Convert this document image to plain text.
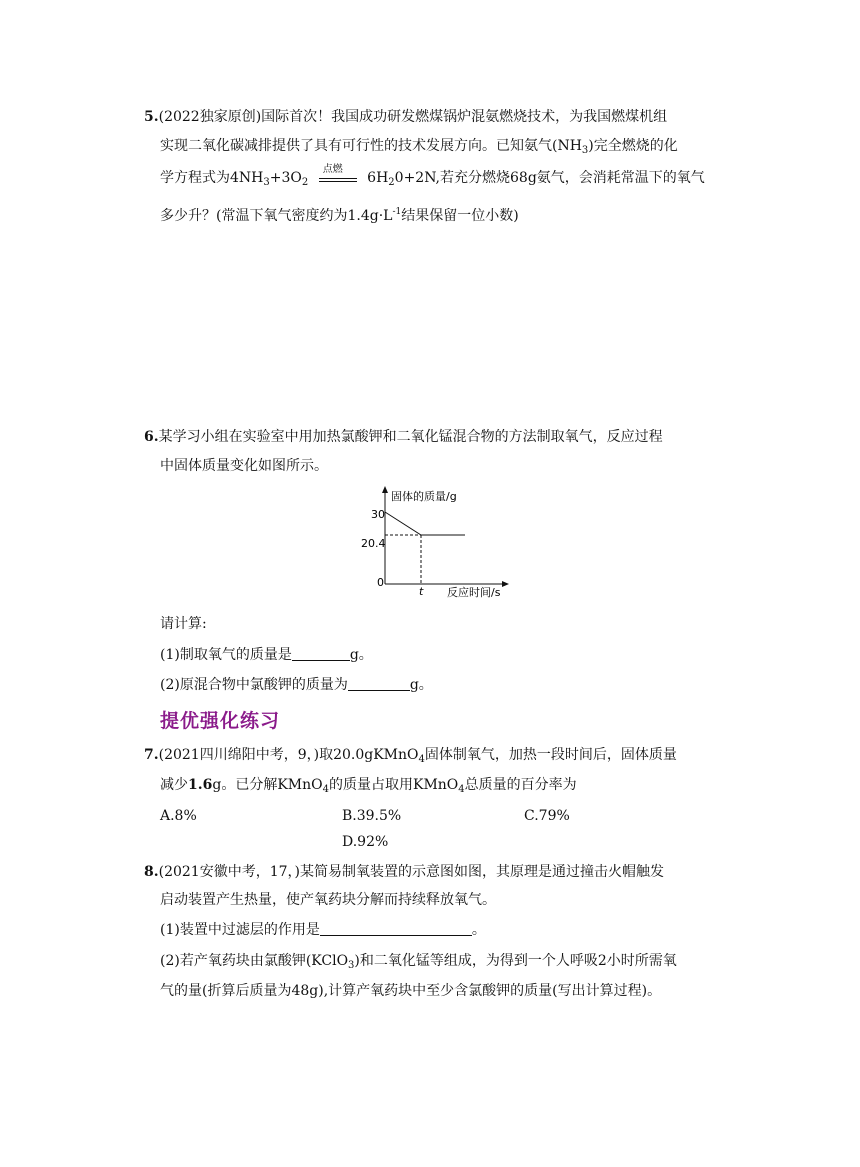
5.(2022独家原创)国际首次！我国成功研发燃煤锅炉混氨燃烧技术，为我国燃煤机组
实现二氧化碳减排提供了具有可行性的技术发展方向。已知氨气$(NH_3)$完全燃烧的化
学方程式为$4NH_3+3O_2$
点燃
$6H_20+2N$,若充分燃烧68g氨气，会消耗常温下的氧气
多少升？(常温下氧气密度约为$1.4g\cdot L^{-1}$结果保留一位小数)
6.某学习小组在实验室中用加热氯酸钾和二氧化锰混合物的方法制取氧气，反应过程
中固体质量变化如图所示。
固体的质量/g
反应时间/s
30
20.4
0
t
请计算:
(1)制取氧气的质量是	g。
(2)原混合物中氯酸钾的质量为	g。
提优强化练习
7.(2021四川绵阳中考，9，)取20.0gKMnO$_4$固体制氧气，加热一段时间后，固体质量
减少1.6g。已分解KMnO$_4$的质量占取用KMnO$_4$总质量的百分率为
A.8%	B.39.5%	C.79%
D.92%
8.(2021安徽中考，17，)某简易制氧装置的示意图如图，其原理是通过撞击火帽触发
启动装置产生热量，使产氧药块分解而持续释放氧气。
(1)装置中过滤层的作用是	。
(2)若产氧药块由氯酸钾(KClO$_3$)和二氧化锰等组成，为得到一个人呼吸2小时所需氧
气的量(折算后质量为48g),计算产氧药块中至少含氯酸钾的质量(写出计算过程)。
